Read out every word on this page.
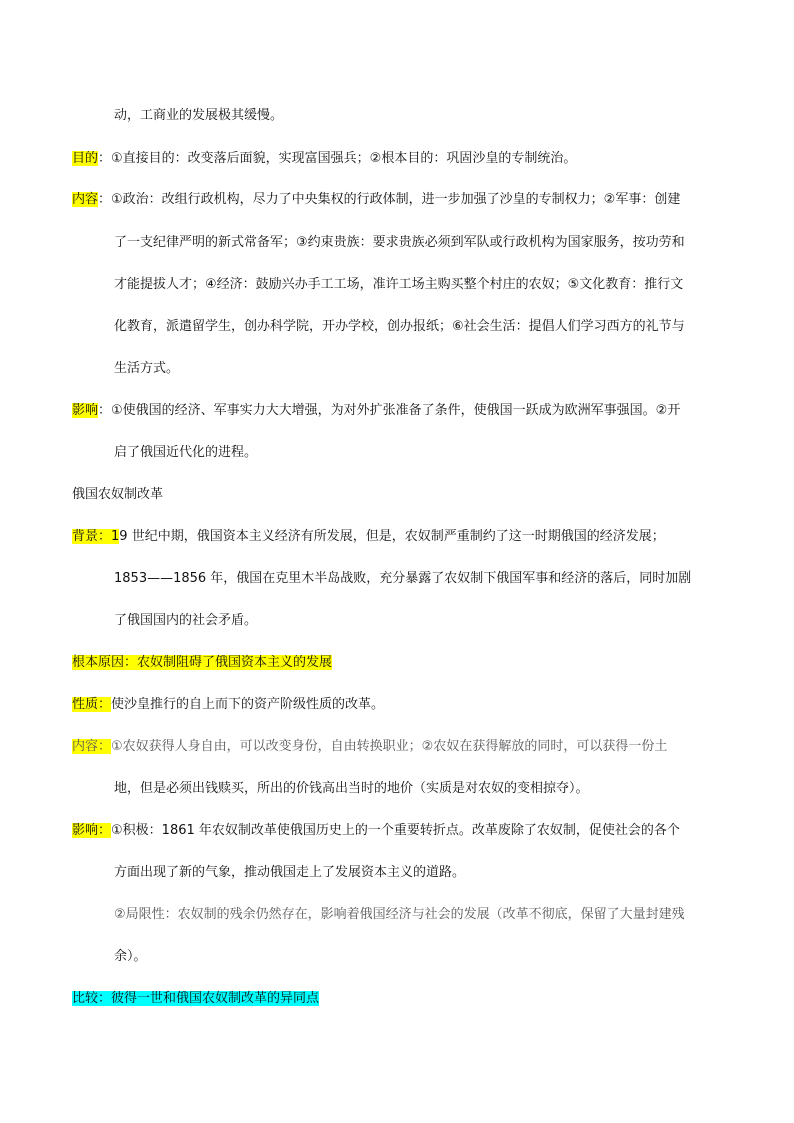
动，工商业的发展极其缓慢。
目的：①直接目的：改变落后面貌，实现富国强兵；②根本目的：巩固沙皇的专制统治。
内容：①政治：改组行政机构，尽力了中央集权的行政体制，进一步加强了沙皇的专制权力；②军事：创建
了一支纪律严明的新式常备军；③约束贵族：要求贵族必须到军队或行政机构为国家服务，按功劳和
才能提拔人才；④经济：鼓励兴办手工工场，准许工场主购买整个村庄的农奴；⑤文化教育：推行文
化教育，派遣留学生，创办科学院，开办学校，创办报纸；⑥社会生活：提倡人们学习西方的礼节与
生活方式。
影响：①使俄国的经济、军事实力大大增强，为对外扩张准备了条件，使俄国一跃成为欧洲军事强国。②开
启了俄国近代化的进程。
俄国农奴制改革
背景：19 世纪中期，俄国资本主义经济有所发展，但是，农奴制严重制约了这一时期俄国的经济发展；
1853——1856 年，俄国在克里木半岛战败，充分暴露了农奴制下俄国军事和经济的落后，同时加剧
了俄国国内的社会矛盾。
根本原因：农奴制阻碍了俄国资本主义的发展
性质：使沙皇推行的自上而下的资产阶级性质的改革。
内容：①农奴获得人身自由，可以改变身份，自由转换职业；②农奴在获得解放的同时，可以获得一份土
地，但是必须出钱赎买，所出的价钱高出当时的地价（实质是对农奴的变相掠夺）。
影响：①积极：1861 年农奴制改革使俄国历史上的一个重要转折点。改革废除了农奴制，促使社会的各个
方面出现了新的气象，推动俄国走上了发展资本主义的道路。
②局限性：农奴制的残余仍然存在，影响着俄国经济与社会的发展（改革不彻底，保留了大量封建残
余）。
比较：彼得一世和俄国农奴制改革的异同点
